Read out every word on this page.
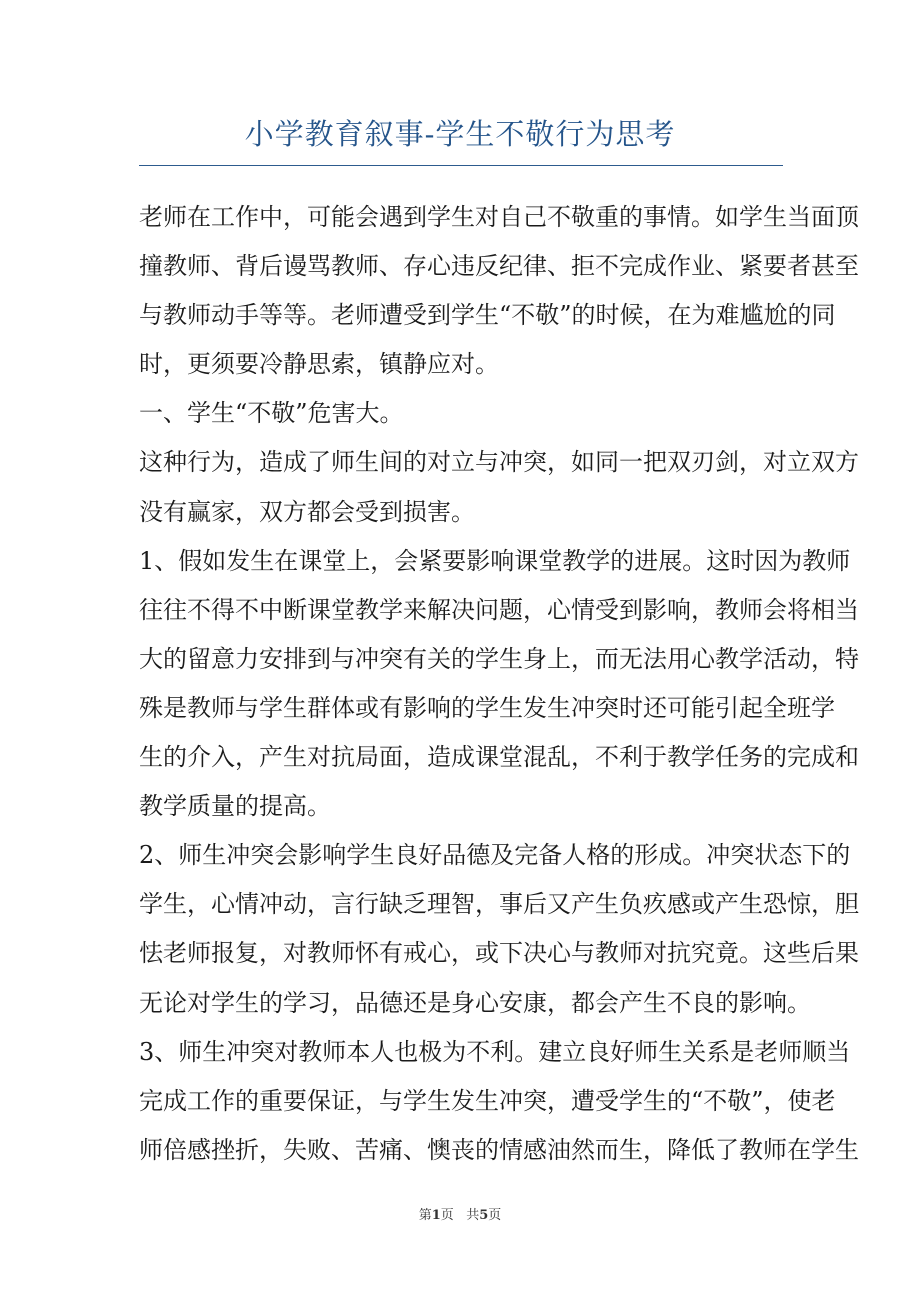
小学教育叙事-学生不敬行为思考
老师在工作中，可能会遇到学生对自己不敬重的事情。如学生当面顶
撞教师、背后谩骂教师、存心违反纪律、拒不完成作业、紧要者甚至
与教师动手等等。老师遭受到学生“不敬”的时候，在为难尴尬的同
时，更须要冷静思索，镇静应对。
一、学生“不敬”危害大。
这种行为，造成了师生间的对立与冲突，如同一把双刃剑，对立双方
没有赢家，双方都会受到损害。
1、假如发生在课堂上，会紧要影响课堂教学的进展。这时因为教师
往往不得不中断课堂教学来解决问题，心情受到影响，教师会将相当
大的留意力安排到与冲突有关的学生身上，而无法用心教学活动，特
殊是教师与学生群体或有影响的学生发生冲突时还可能引起全班学
生的介入，产生对抗局面，造成课堂混乱，不利于教学任务的完成和
教学质量的提高。
2、师生冲突会影响学生良好品德及完备人格的形成。冲突状态下的
学生，心情冲动，言行缺乏理智，事后又产生负疚感或产生恐惊，胆
怯老师报复，对教师怀有戒心，或下决心与教师对抗究竟。这些后果
无论对学生的学习，品德还是身心安康，都会产生不良的影响。
3、师生冲突对教师本人也极为不利。建立良好师生关系是老师顺当
完成工作的重要保证，与学生发生冲突，遭受学生的“不敬”，使老
师倍感挫折，失败、苦痛、懊丧的情感油然而生，降低了教师在学生
第1页 共5页
